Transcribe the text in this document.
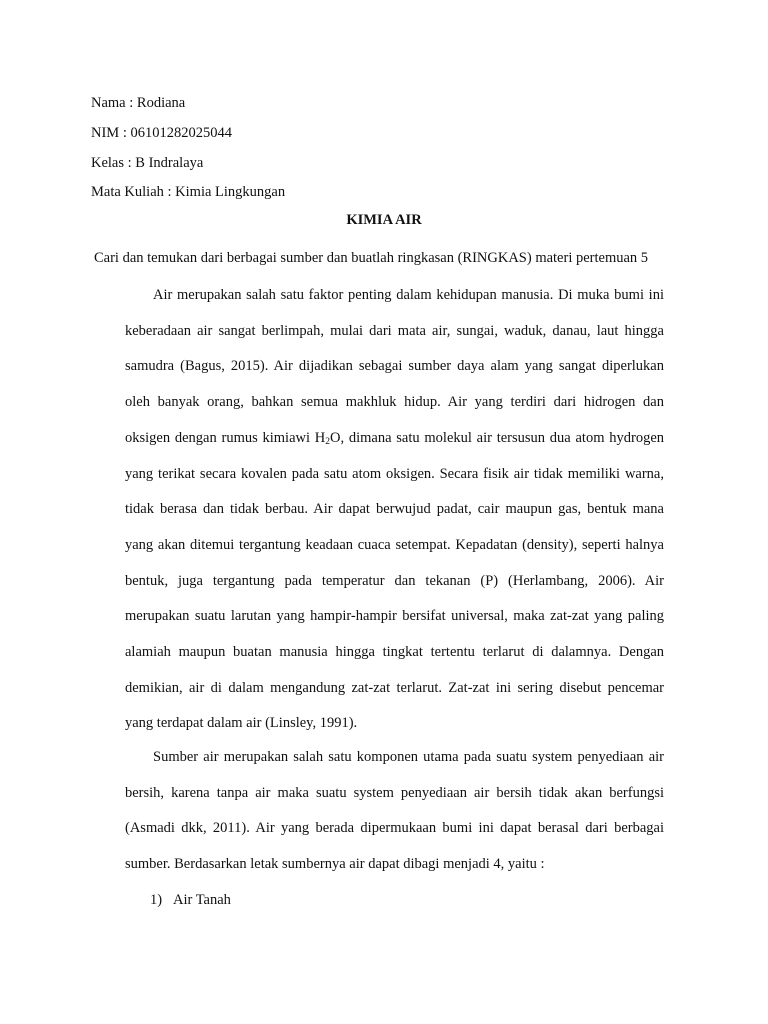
Nama : Rodiana
NIM : 06101282025044
Kelas : B Indralaya
Mata Kuliah : Kimia Lingkungan
KIMIA AIR
Cari dan temukan dari berbagai sumber dan buatlah ringkasan (RINGKAS) materi pertemuan 5

Air merupakan salah satu faktor penting dalam kehidupan manusia. Di muka bumi ini keberadaan air sangat berlimpah, mulai dari mata air, sungai, waduk, danau, laut hingga samudra (Bagus, 2015). Air dijadikan sebagai sumber daya alam yang sangat diperlukan oleh banyak orang, bahkan semua makhluk hidup. Air yang terdiri dari hidrogen dan oksigen dengan rumus kimiawi $H_2O$, dimana satu molekul air tersusun dua atom hydrogen yang terikat secara kovalen pada satu atom oksigen. Secara fisik air tidak memiliki warna, tidak berasa dan tidak berbau. Air dapat berwujud padat, cair maupun gas, bentuk mana yang akan ditemui tergantung keadaan cuaca setempat. Kepadatan (density), seperti halnya bentuk, juga tergantung pada temperatur dan tekanan (P) (Herlambang, 2006). Air merupakan suatu larutan yang hampir-hampir bersifat universal, maka zat-zat yang paling alamiah maupun buatan manusia hingga tingkat tertentu terlarut di dalamnya. Dengan demikian, air di dalam mengandung zat-zat terlarut. Zat-zat ini sering disebut pencemar yang terdapat dalam air (Linsley, 1991).

Sumber air merupakan salah satu komponen utama pada suatu system penyediaan air bersih, karena tanpa air maka suatu system penyediaan air bersih tidak akan berfungsi (Asmadi dkk, 2011). Air yang berada dipermukaan bumi ini dapat berasal dari berbagai sumber. Berdasarkan letak sumbernya air dapat dibagi menjadi 4, yaitu :

1) Air Tanah
